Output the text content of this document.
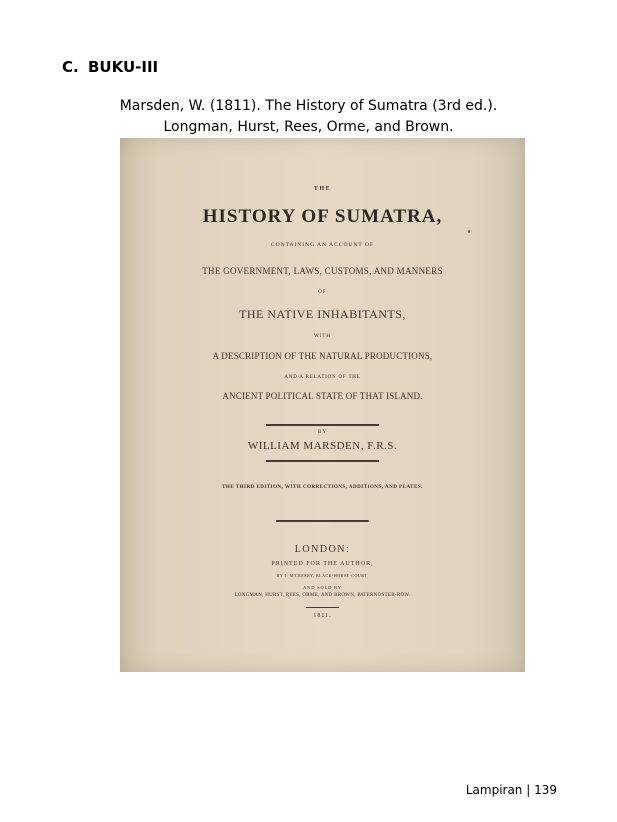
C. BUKU-III
Marsden, W. (1811). The History of Sumatra (3rd ed.).
Longman, Hurst, Rees, Orme, and Brown.
THE
HISTORY OF SUMATRA,
CONTAINING AN ACCOUNT OF
THE GOVERNMENT, LAWS, CUSTOMS, AND MANNERS
OF
THE NATIVE INHABITANTS,
WITH
A DESCRIPTION OF THE NATURAL PRODUCTIONS,
AND A RELATION OF THE
ANCIENT POLITICAL STATE OF THAT ISLAND.
BY
WILLIAM MARSDEN, F.R.S.
THE THIRD EDITION, WITH CORRECTIONS, ADDITIONS, AND PLATES.
LONDON:
PRINTED FOR THE AUTHOR,
BY J. M'CREERY, BLACK-HORSE-COURT,
AND SOLD BY
LONGMAN, HURST, REES, ORME, AND BROWN, PATERNOSTER-ROW.
1811.
Lampiran | 139
